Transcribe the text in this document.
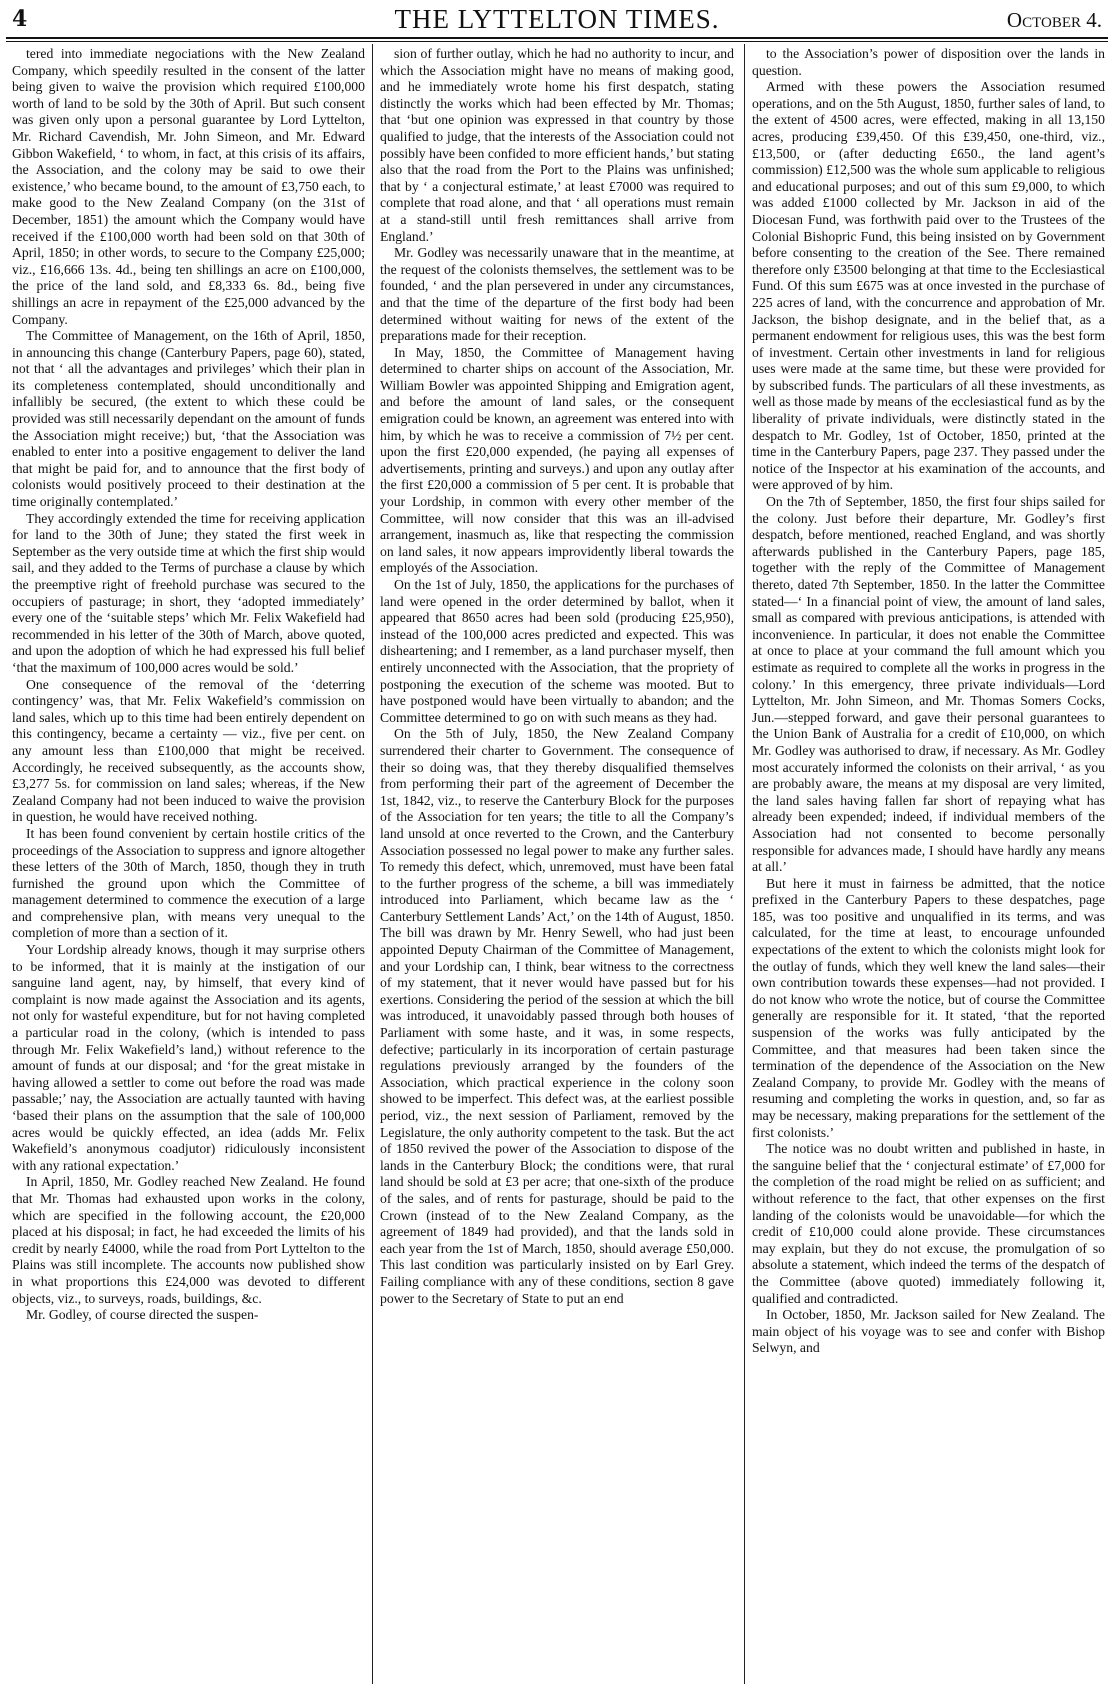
4	THE LYTTELTON TIMES.	October 4.

tered into immediate negociations with the New Zealand Company, which speedily resulted in the consent of the latter being given to waive the provision which required £100,000 worth of land to be sold by the 30th of April. But such consent was given only upon a personal guarantee by Lord Lyttelton, Mr. Richard Cavendish, Mr. John Simeon, and Mr. Edward Gibbon Wakefield, ‘ to whom, in fact, at this crisis of its affairs, the Association, and the colony may be said to owe their existence,’ who became bound, to the amount of £3,750 each, to make good to the New Zealand Company (on the 31st of December, 1851) the amount which the Company would have received if the £100,000 worth had been sold on that 30th of April, 1850; in other words, to secure to the Company £25,000; viz., £16,666 13s. 4d., being ten shillings an acre on £100,000, the price of the land sold, and £8,333 6s. 8d., being five shillings an acre in repayment of the £25,000 advanced by the Company.

The Committee of Management, on the 16th of April, 1850, in announcing this change (Canterbury Papers, page 60), stated, not that ‘ all the advantages and privileges’ which their plan in its completeness contemplated, should unconditionally and infallibly be secured, (the extent to which these could be provided was still necessarily dependant on the amount of funds the Association might receive;) but, ‘that the Association was enabled to enter into a positive engagement to deliver the land that might be paid for, and to announce that the first body of colonists would positively proceed to their destination at the time originally contemplated.’

They accordingly extended the time for receiving application for land to the 30th of June; they stated the first week in September as the very outside time at which the first ship would sail, and they added to the Terms of purchase a clause by which the preemptive right of freehold purchase was secured to the occupiers of pasturage; in short, they ‘adopted immediately’ every one of the ‘suitable steps’ which Mr. Felix Wakefield had recommended in his letter of the 30th of March, above quoted, and upon the adoption of which he had expressed his full belief ‘that the maximum of 100,000 acres would be sold.’

One consequence of the removal of the ‘deterring contingency’ was, that Mr. Felix Wakefield’s commission on land sales, which up to this time had been entirely dependent on this contingency, became a certainty — viz., five per cent. on any amount less than £100,000 that might be received. Accordingly, he received subsequently, as the accounts show, £3,277 5s. for commission on land sales; whereas, if the New Zealand Company had not been induced to waive the provision in question, he would have received nothing.

It has been found convenient by certain hostile critics of the proceedings of the Association to suppress and ignore altogether these letters of the 30th of March, 1850, though they in truth furnished the ground upon which the Committee of management determined to commence the execution of a large and comprehensive plan, with means very unequal to the completion of more than a section of it.

Your Lordship already knows, though it may surprise others to be informed, that it is mainly at the instigation of our sanguine land agent, nay, by himself, that every kind of complaint is now made against the Association and its agents, not only for wasteful expenditure, but for not having completed a particular road in the colony, (which is intended to pass through Mr. Felix Wakefield’s land,) without reference to the amount of funds at our disposal; and ‘for the great mistake in having allowed a settler to come out before the road was made passable;’ nay, the Association are actually taunted with having ‘based their plans on the assumption that the sale of 100,000 acres would be quickly effected, an idea (adds Mr. Felix Wakefield’s anonymous coadjutor) ridiculously inconsistent with any rational expectation.’

In April, 1850, Mr. Godley reached New Zealand. He found that Mr. Thomas had exhausted upon works in the colony, which are specified in the following account, the £20,000 placed at his disposal; in fact, he had exceeded the limits of his credit by nearly £4000, while the road from Port Lyttelton to the Plains was still incomplete. The accounts now published show in what proportions this £24,000 was devoted to different objects, viz., to surveys, roads, buildings, &c.

Mr. Godley, of course directed the suspen-

sion of further outlay, which he had no authority to incur, and which the Association might have no means of making good, and he immediately wrote home his first despatch, stating distinctly the works which had been effected by Mr. Thomas; that ‘but one opinion was expressed in that country by those qualified to judge, that the interests of the Association could not possibly have been confided to more efficient hands,’ but stating also that the road from the Port to the Plains was unfinished; that by ‘ a conjectural estimate,’ at least £7000 was required to complete that road alone, and that ‘ all operations must remain at a stand-still until fresh remittances shall arrive from England.’

Mr. Godley was necessarily unaware that in the meantime, at the request of the colonists themselves, the settlement was to be founded, ‘ and the plan persevered in under any circumstances, and that the time of the departure of the first body had been determined without waiting for news of the extent of the preparations made for their reception.

In May, 1850, the Committee of Management having determined to charter ships on account of the Association, Mr. William Bowler was appointed Shipping and Emigration agent, and before the amount of land sales, or the consequent emigration could be known, an agreement was entered into with him, by which he was to receive a commission of 7½ per cent. upon the first £20,000 expended, (he paying all expenses of advertisements, printing and surveys.) and upon any outlay after the first £20,000 a commission of 5 per cent. It is probable that your Lordship, in common with every other member of the Committee, will now consider that this was an ill-advised arrangement, inasmuch as, like that respecting the commission on land sales, it now appears improvidently liberal towards the employés of the Association.

On the 1st of July, 1850, the applications for the purchases of land were opened in the order determined by ballot, when it appeared that 8650 acres had been sold (producing £25,950), instead of the 100,000 acres predicted and expected. This was disheartening; and I remember, as a land purchaser myself, then entirely unconnected with the Association, that the propriety of postponing the execution of the scheme was mooted. But to have postponed would have been virtually to abandon; and the Committee determined to go on with such means as they had.

On the 5th of July, 1850, the New Zealand Company surrendered their charter to Government. The consequence of their so doing was, that they thereby disqualified themselves from performing their part of the agreement of December the 1st, 1842, viz., to reserve the Canterbury Block for the purposes of the Association for ten years; the title to all the Company’s land unsold at once reverted to the Crown, and the Canterbury Association possessed no legal power to make any further sales. To remedy this defect, which, unremoved, must have been fatal to the further progress of the scheme, a bill was immediately introduced into Parliament, which became law as the ‘ Canterbury Settlement Lands’ Act,’ on the 14th of August, 1850. The bill was drawn by Mr. Henry Sewell, who had just been appointed Deputy Chairman of the Committee of Management, and your Lordship can, I think, bear witness to the correctness of my statement, that it never would have passed but for his exertions. Considering the period of the session at which the bill was introduced, it unavoidably passed through both houses of Parliament with some haste, and it was, in some respects, defective; particularly in its incorporation of certain pasturage regulations previously arranged by the founders of the Association, which practical experience in the colony soon showed to be imperfect. This defect was, at the earliest possible period, viz., the next session of Parliament, removed by the Legislature, the only authority competent to the task. But the act of 1850 revived the power of the Association to dispose of the lands in the Canterbury Block; the conditions were, that rural land should be sold at £3 per acre; that one-sixth of the produce of the sales, and of rents for pasturage, should be paid to the Crown (instead of to the New Zealand Company, as the agreement of 1849 had provided), and that the lands sold in each year from the 1st of March, 1850, should average £50,000. This last condition was particularly insisted on by Earl Grey. Failing compliance with any of these conditions, section 8 gave power to the Secretary of State to put an end

to the Association’s power of disposition over the lands in question.

Armed with these powers the Association resumed operations, and on the 5th August, 1850, further sales of land, to the extent of 4500 acres, were effected, making in all 13,150 acres, producing £39,450. Of this £39,450, one-third, viz., £13,500, or (after deducting £650., the land agent’s commission) £12,500 was the whole sum applicable to religious and educational purposes; and out of this sum £9,000, to which was added £1000 collected by Mr. Jackson in aid of the Diocesan Fund, was forthwith paid over to the Trustees of the Colonial Bishopric Fund, this being insisted on by Government before consenting to the creation of the See. There remained therefore only £3500 belonging at that time to the Ecclesiastical Fund. Of this sum £675 was at once invested in the purchase of 225 acres of land, with the concurrence and approbation of Mr. Jackson, the bishop designate, and in the belief that, as a permanent endowment for religious uses, this was the best form of investment. Certain other investments in land for religious uses were made at the same time, but these were provided for by subscribed funds. The particulars of all these investments, as well as those made by means of the ecclesiastical fund as by the liberality of private individuals, were distinctly stated in the despatch to Mr. Godley, 1st of October, 1850, printed at the time in the Canterbury Papers, page 237. They passed under the notice of the Inspector at his examination of the accounts, and were approved of by him.

On the 7th of September, 1850, the first four ships sailed for the colony. Just before their departure, Mr. Godley’s first despatch, before mentioned, reached England, and was shortly afterwards published in the Canterbury Papers, page 185, together with the reply of the Committee of Management thereto, dated 7th September, 1850. In the latter the Committee stated—‘ In a financial point of view, the amount of land sales, small as compared with previous anticipations, is attended with inconvenience. In particular, it does not enable the Committee at once to place at your command the full amount which you estimate as required to complete all the works in progress in the colony.’ In this emergency, three private individuals—Lord Lyttelton, Mr. John Simeon, and Mr. Thomas Somers Cocks, Jun.—stepped forward, and gave their personal guarantees to the Union Bank of Australia for a credit of £10,000, on which Mr. Godley was authorised to draw, if necessary. As Mr. Godley most accurately informed the colonists on their arrival, ‘ as you are probably aware, the means at my disposal are very limited, the land sales having fallen far short of repaying what has already been expended; indeed, if individual members of the Association had not consented to become personally responsible for advances made, I should have hardly any means at all.’

But here it must in fairness be admitted, that the notice prefixed in the Canterbury Papers to these despatches, page 185, was too positive and unqualified in its terms, and was calculated, for the time at least, to encourage unfounded expectations of the extent to which the colonists might look for the outlay of funds, which they well knew the land sales—their own contribution towards these expenses—had not provided. I do not know who wrote the notice, but of course the Committee generally are responsible for it. It stated, ‘that the reported suspension of the works was fully anticipated by the Committee, and that measures had been taken since the termination of the dependence of the Association on the New Zealand Company, to provide Mr. Godley with the means of resuming and completing the works in question, and, so far as may be necessary, making preparations for the settlement of the first colonists.’

The notice was no doubt written and published in haste, in the sanguine belief that the ‘ conjectural estimate’ of £7,000 for the completion of the road might be relied on as sufficient; and without reference to the fact, that other expenses on the first landing of the colonists would be unavoidable—for which the credit of £10,000 could alone provide. These circumstances may explain, but they do not excuse, the promulgation of so absolute a statement, which indeed the terms of the despatch of the Committee (above quoted) immediately following it, qualified and contradicted.

In October, 1850, Mr. Jackson sailed for New Zealand. The main object of his voyage was to see and confer with Bishop Selwyn, and
